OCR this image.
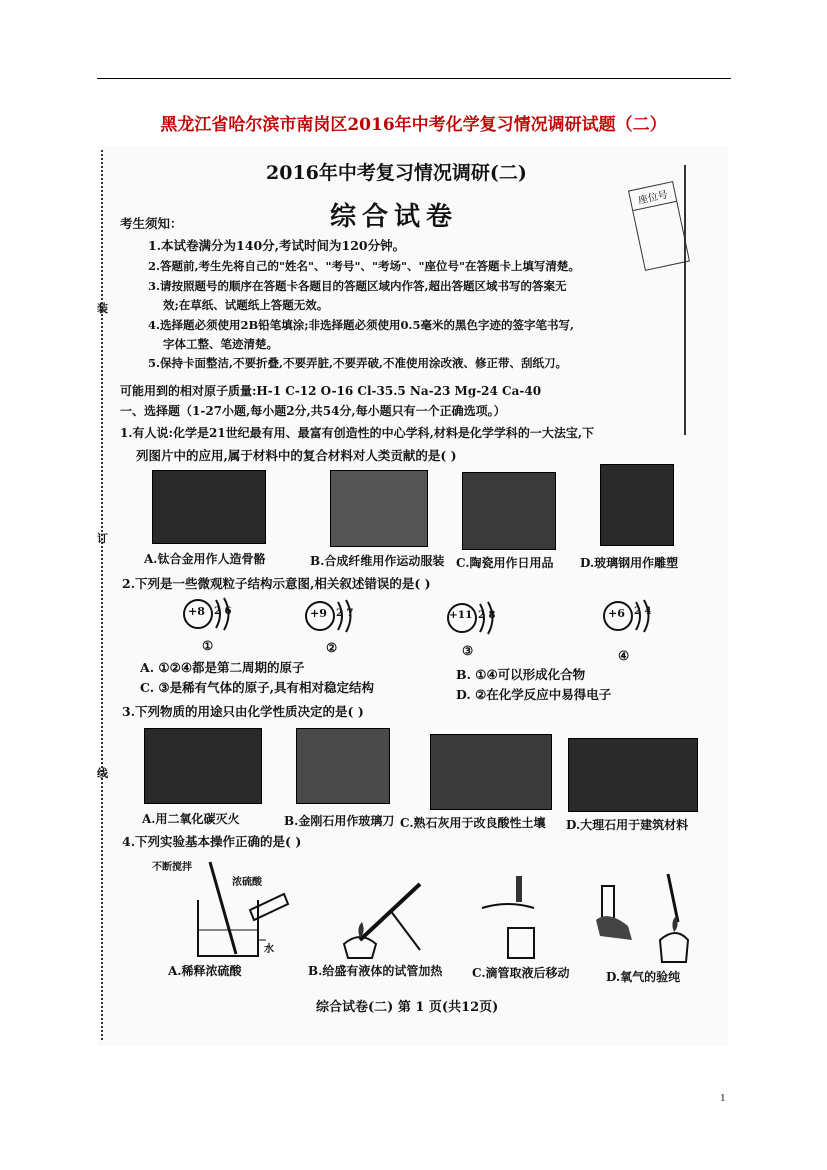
黑龙江省哈尔滨市南岗区2016年中考化学复习情况调研试题（二）
装
订
线
座位号
2016年中考复习情况调研(二)
综合试卷
考生须知：
1.本试卷满分为140分,考试时间为120分钟。
2.答题前,考生先将自己的"姓名"、"考号"、"考场"、"座位号"在答题卡上填写清楚。
3.请按照题号的顺序在答题卡各题目的答题区域内作答,超出答题区域书写的答案无
效;在草纸、试题纸上答题无效。
4.选择题必须使用2B铅笔填涂;非选择题必须使用0.5毫米的黑色字迹的签字笔书写,
字体工整、笔迹清楚。
5.保持卡面整洁,不要折叠,不要弄脏,不要弄破,不准使用涂改液、修正带、刮纸刀。
可能用到的相对原子质量:H-1 C-12 O-16 Cl-35.5 Na-23 Mg-24 Ca-40
一、选择题（1-27小题,每小题2分,共54分,每小题只有一个正确选项。）
1.有人说:化学是21世纪最有用、最富有创造性的中心学科,材料是化学学科的一大法宝,下
列图片中的应用,属于材料中的复合材料对人类贡献的是( )
A.钛合金用作人造骨骼	B.合成纤维用作运动服装 C.陶瓷用作日用品 D.玻璃钢用作雕塑
2.下列是一些微观粒子结构示意图,相关叙述错误的是( )
+8 2 6
①
+9 2 7
②
+11 2 8
③
+6 2 4
④
A. ①②④都是第二周期的原子	B. ①④可以形成化合物
C. ③是稀有气体的原子,具有相对稳定结构	D. ②在化学反应中易得电子
3.下列物质的用途只由化学性质决定的是( )
A.用二氧化碳灭火	B.金刚石用作玻璃刀 C.熟石灰用于改良酸性土壤 D.大理石用于建筑材料
4.下列实验基本操作正确的是( )
不断搅拌
浓硫酸
水
A.稀释浓硫酸	B.给盛有液体的试管加热 C.滴管取液后移动	D.氧气的验纯
综合试卷(二) 第 1 页(共12页)
1
